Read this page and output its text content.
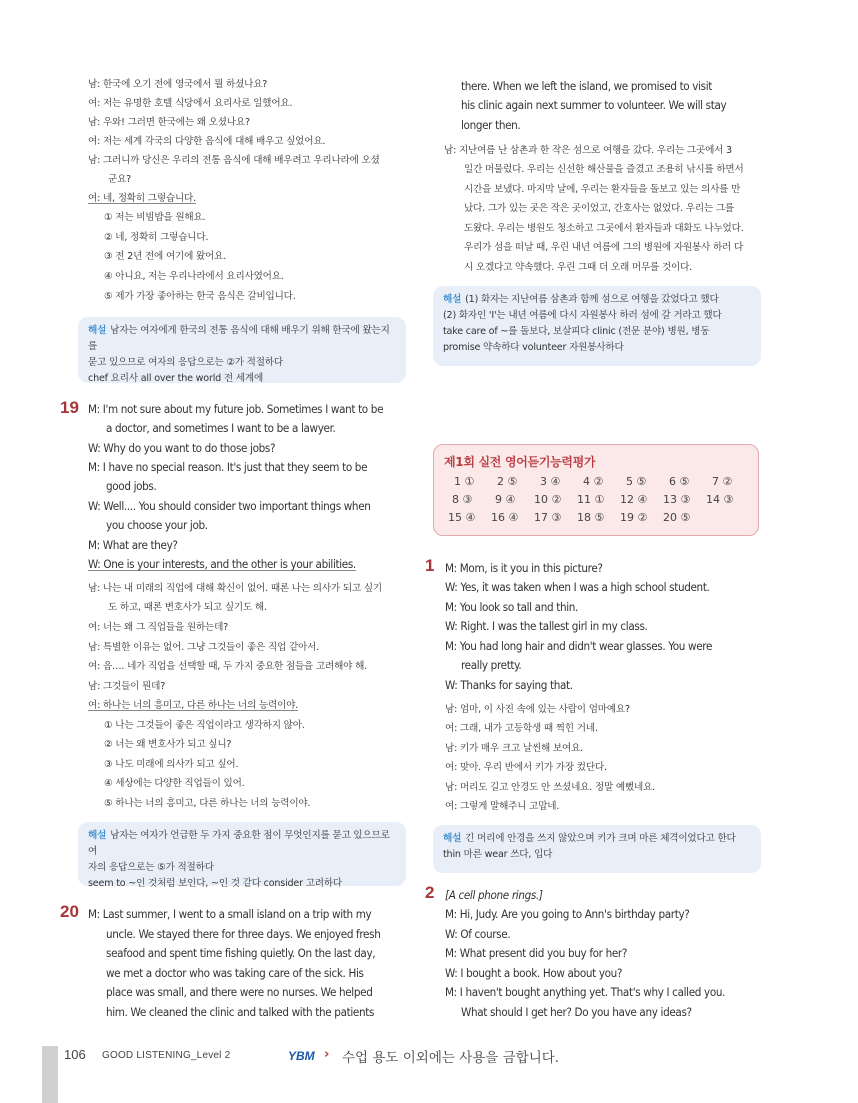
남: 한국에 오기 전에 영국에서 뭘 하셨나요?
여: 저는 유명한 호텔 식당에서 요리사로 일했어요.
남: 우와! 그러면 한국에는 왜 오셨나요?
여: 저는 세계 각국의 다양한 음식에 대해 배우고 싶었어요.
남: 그러니까 당신은 우리의 전통 음식에 대해 배우려고 우리나라에 오셨
군요?
여: 네, 정확히 그렇습니다.
① 저는 비빔밥을 원해요.
② 네, 정확히 그렇습니다.
③ 전 2년 전에 여기에 왔어요.
④ 아니요, 저는 우리나라에서 요리사였어요.
⑤ 제가 가장 좋아하는 한국 음식은 갈비입니다.
해설 남자는 여자에게 한국의 전통 음식에 대해 배우기 위해 한국에 왔는지를
묻고 있으므로 여자의 응답으로는 ②가 적절하다
chef 요리사 all over the world 전 세계에
19 M: I'm not sure about my future job. Sometimes I want to be
a doctor, and sometimes I want to be a lawyer.
W: Why do you want to do those jobs?
M: I have no special reason. It's just that they seem to be
good jobs.
W: Well.... You should consider two important things when
you choose your job.
M: What are they?
W: One is your interests, and the other is your abilities.
남: 나는 내 미래의 직업에 대해 확신이 없어. 때론 나는 의사가 되고 싶기
도 하고, 때론 변호사가 되고 싶기도 해.
여: 너는 왜 그 직업들을 원하는데?
남: 특별한 이유는 없어. 그냥 그것들이 좋은 직업 같아서.
여: 음…. 네가 직업을 선택할 때, 두 가지 중요한 점들을 고려해야 해.
남: 그것들이 뭔데?
여: 하나는 너의 흥미고, 다른 하나는 너의 능력이야.
① 나는 그것들이 좋은 직업이라고 생각하지 않아.
② 너는 왜 변호사가 되고 싶니?
③ 나도 미래에 의사가 되고 싶어.
④ 세상에는 다양한 직업들이 있어.
⑤ 하나는 너의 흥미고, 다른 하나는 너의 능력이야.
해설 남자는 여자가 언급한 두 가지 중요한 점이 무엇인지를 묻고 있으므로 여
자의 응답으로는 ⑤가 적절하다
seem to ~인 것처럼 보인다, ~인 것 같다 consider 고려하다
20 M: Last summer, I went to a small island on a trip with my
uncle. We stayed there for three days. We enjoyed fresh
seafood and spent time fishing quietly. On the last day,
we met a doctor who was taking care of the sick. His
place was small, and there were no nurses. We helped
him. We cleaned the clinic and talked with the patients
there. When we left the island, we promised to visit
his clinic again next summer to volunteer. We will stay
longer then.
남: 지난여름 난 삼촌과 한 작은 섬으로 여행을 갔다. 우리는 그곳에서 3
일간 머물렀다. 우리는 신선한 해산물을 즐겼고 조용히 낚시를 하면서
시간을 보냈다. 마지막 날에, 우리는 환자들을 돌보고 있는 의사를 만
났다. 그가 있는 곳은 작은 곳이었고, 간호사는 없었다. 우리는 그를
도왔다. 우리는 병원도 청소하고 그곳에서 환자들과 대화도 나누었다.
우리가 섬을 떠날 때, 우린 내년 여름에 그의 병원에 자원봉사 하러 다
시 오겠다고 약속했다. 우린 그때 더 오래 머무를 것이다.
해설 (1) 화자는 지난여름 삼촌과 함께 섬으로 여행을 갔었다고 했다
(2) 화자인 'I'는 내년 여름에 다시 자원봉사 하러 섬에 갈 거라고 했다
take care of ~를 돌보다, 보살피다 clinic (전문 분야) 병원, 병동
promise 약속하다 volunteer 자원봉사하다
제1회 실전 영어듣기능력평가
1 ① 2 ⑤ 3 ④ 4 ② 5 ⑤ 6 ⑤ 7 ②
8 ③ 9 ④ 10 ② 11 ① 12 ④ 13 ③ 14 ③
15 ④ 16 ④ 17 ③ 18 ⑤ 19 ② 20 ⑤
1 M: Mom, is it you in this picture?
W: Yes, it was taken when I was a high school student.
M: You look so tall and thin.
W: Right. I was the tallest girl in my class.
M: You had long hair and didn't wear glasses. You were
really pretty.
W: Thanks for saying that.
남: 엄마, 이 사진 속에 있는 사람이 엄마예요?
여: 그래, 내가 고등학생 때 찍힌 거네.
남: 키가 매우 크고 날씬해 보여요.
여: 맞아. 우리 반에서 키가 가장 컸단다.
남: 머리도 길고 안경도 안 쓰셨네요. 정말 예뻤네요.
여: 그렇게 말해주니 고맙네.
해설 긴 머리에 안경을 쓰지 않았으며 키가 크며 마른 체격이었다고 한다
thin 마른 wear 쓰다, 입다
2 [A cell phone rings.]
M: Hi, Judy. Are you going to Ann's birthday party?
W: Of course.
M: What present did you buy for her?
W: I bought a book. How about you?
M: I haven't bought anything yet. That's why I called you.
What should I get her? Do you have any ideas?
106 GOOD LISTENING_Level 2	YBM › 수업 용도 이외에는 사용을 금합니다.
